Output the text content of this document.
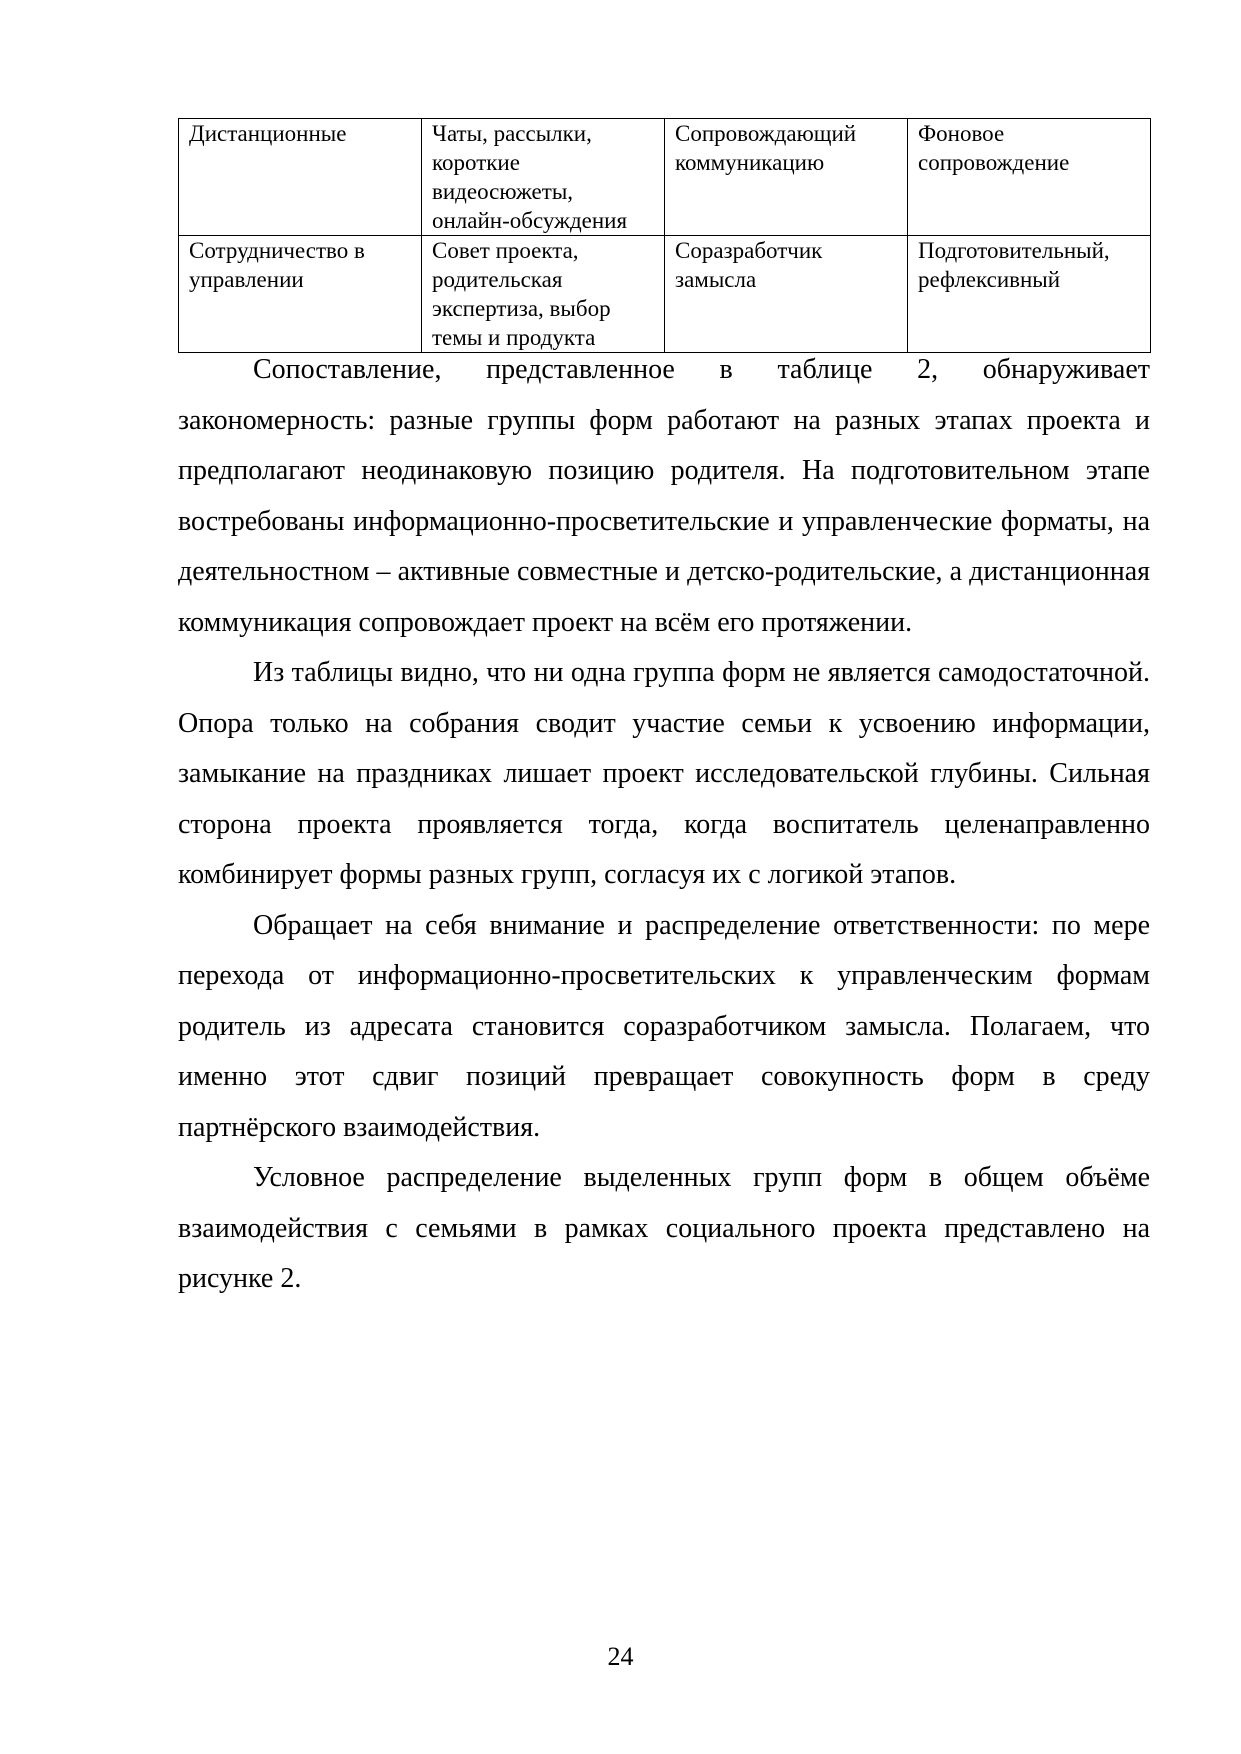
Дистанционные	Чаты, рассылки, короткие видеосюжеты, онлайн-обсуждения	Сопровождающий коммуникацию	Фоновое сопровождение
Сотрудничество в управлении	Совет проекта, родительская экспертиза, выбор темы и продукта	Соразработчик замысла	Подготовительный, рефлексивный

Сопоставление, представленное в таблице 2, обнаруживает закономерность: разные группы форм работают на разных этапах проекта и предполагают неодинаковую позицию родителя. На подготовительном этапе востребованы информационно-просветительские и управленческие форматы, на деятельностном – активные совместные и детско-родительские, а дистанционная коммуникация сопровождает проект на всём его протяжении.

Из таблицы видно, что ни одна группа форм не является самодостаточной. Опора только на собрания сводит участие семьи к усвоению информации, замыкание на праздниках лишает проект исследовательской глубины. Сильная сторона проекта проявляется тогда, когда воспитатель целенаправленно комбинирует формы разных групп, согласуя их с логикой этапов.

Обращает на себя внимание и распределение ответственности: по мере перехода от информационно-просветительских к управленческим формам родитель из адресата становится соразработчиком замысла. Полагаем, что именно этот сдвиг позиций превращает совокупность форм в среду партнёрского взаимодействия.

Условное распределение выделенных групп форм в общем объёме взаимодействия с семьями в рамках социального проекта представлено на рисунке 2.

24
